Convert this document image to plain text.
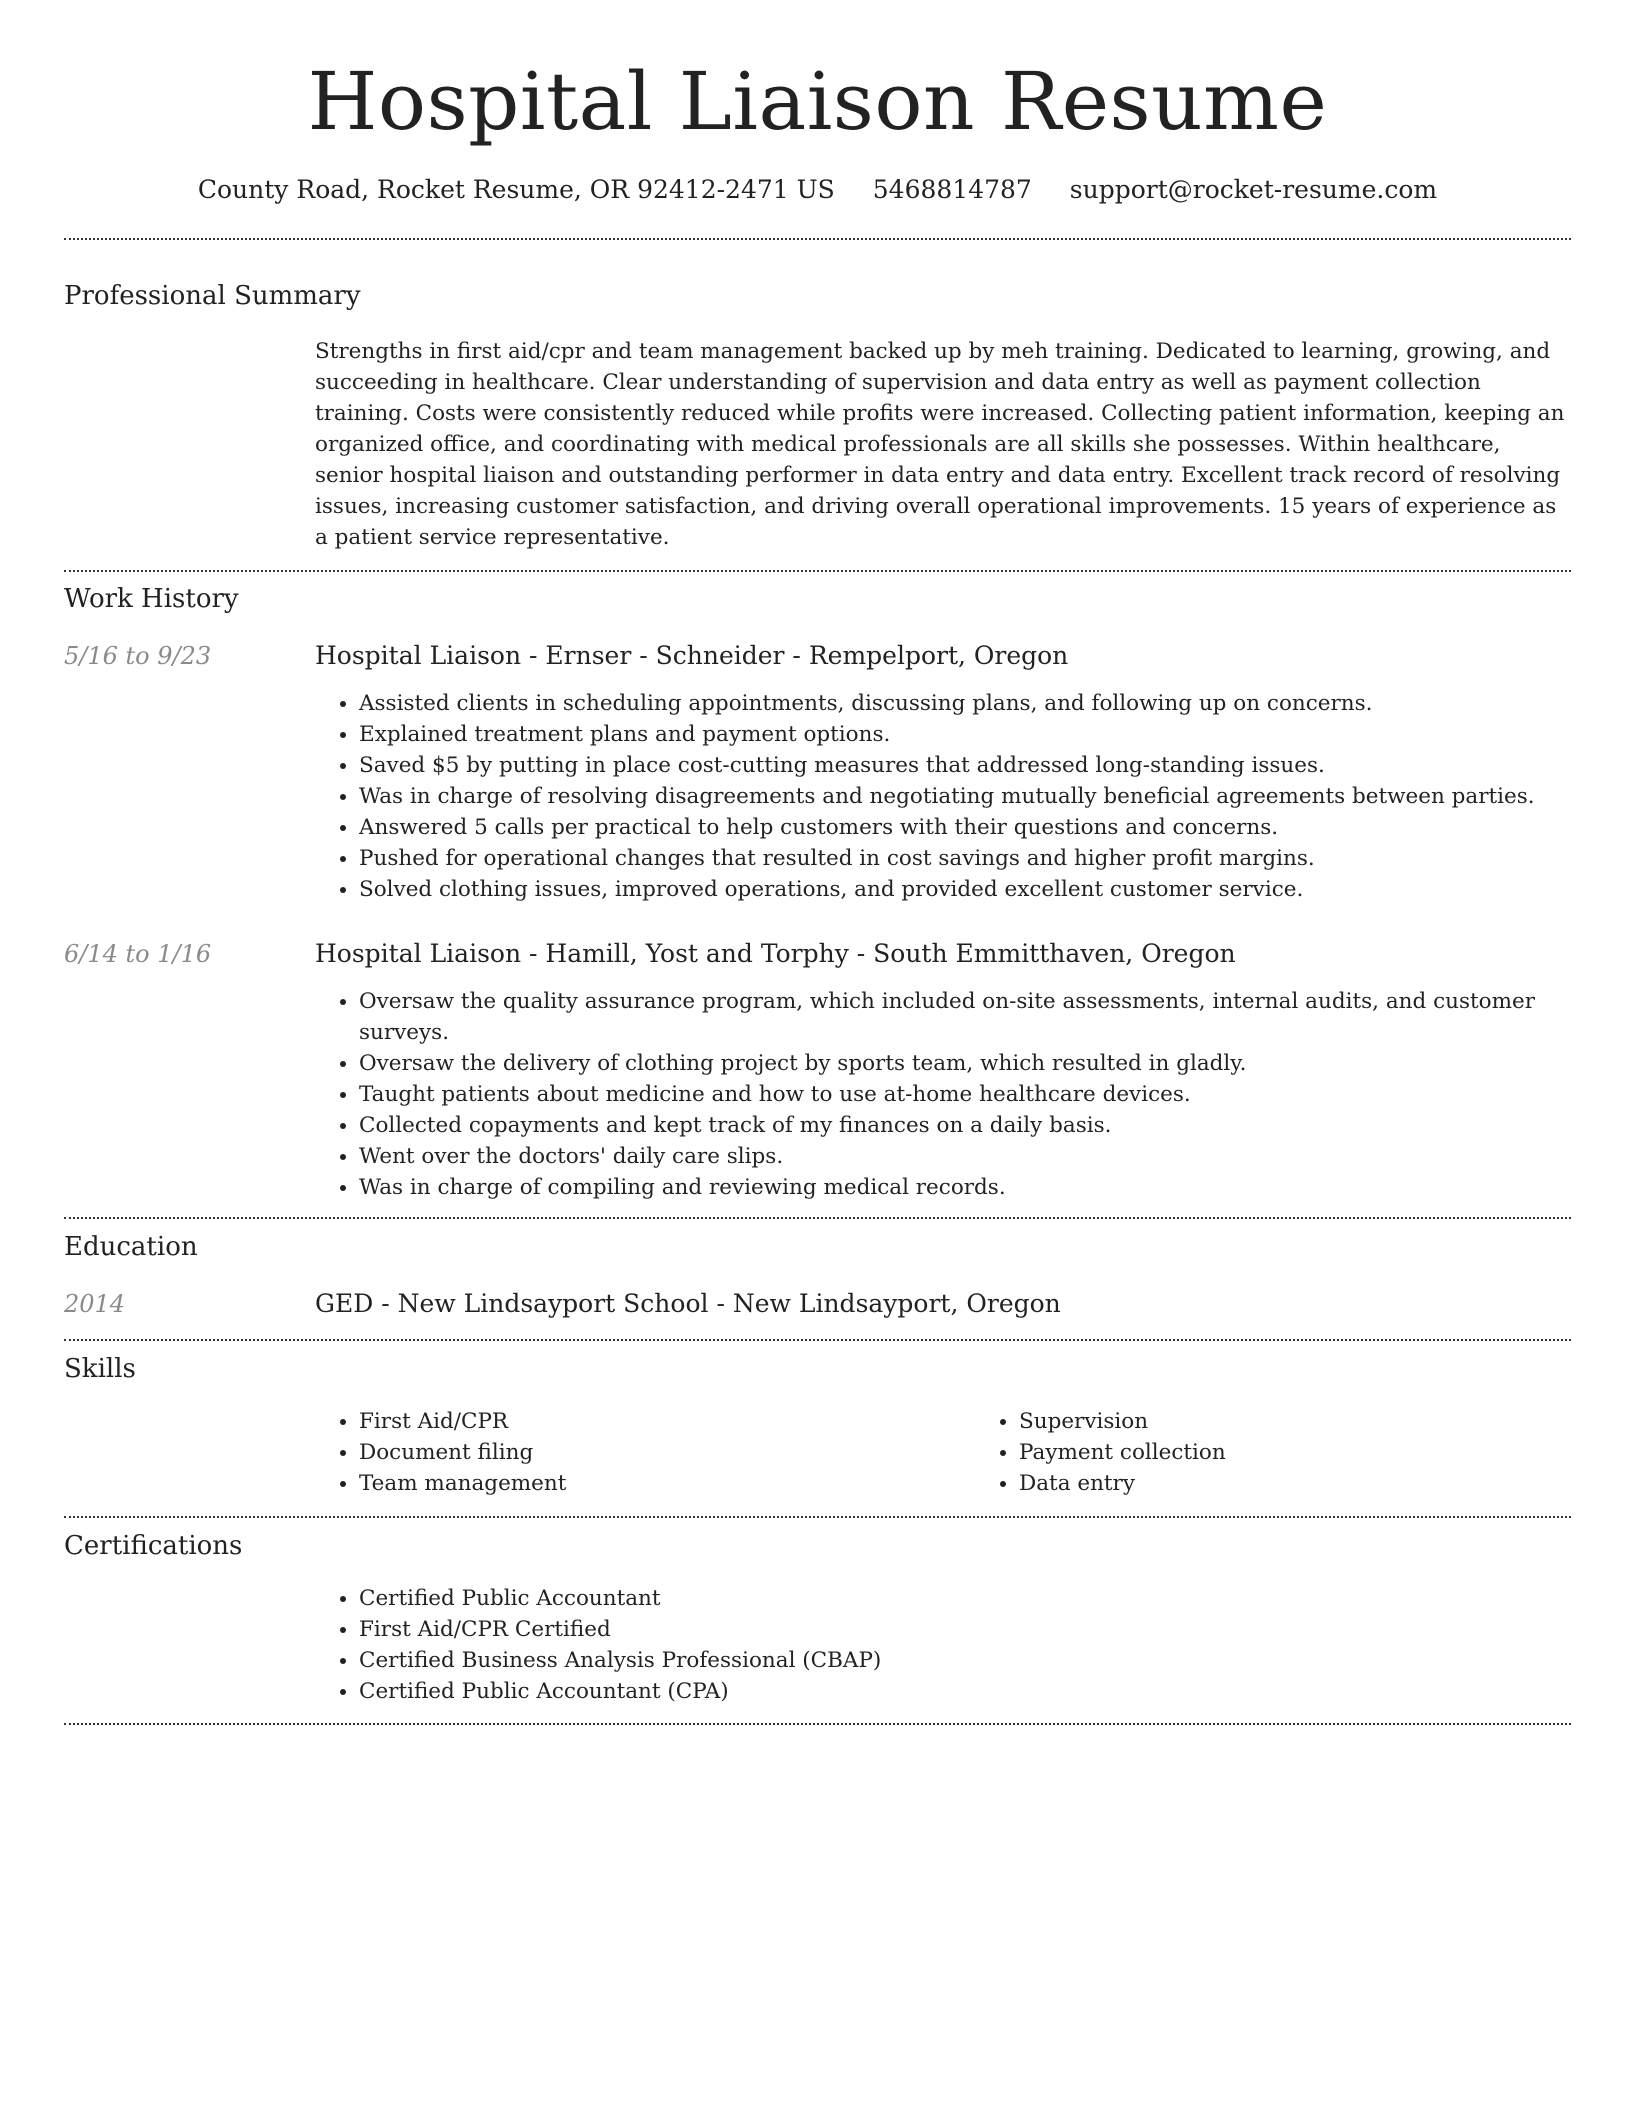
Hospital Liaison Resume
County Road, Rocket Resume, OR 92412-2471 US 5468814787 support@rocket-resume.com
Professional Summary

Strengths in first aid/cpr and team management backed up by meh training. Dedicated to learning, growing, and succeeding in healthcare. Clear understanding of supervision and data entry as well as payment collection training. Costs were consistently reduced while profits were increased. Collecting patient information, keeping an organized office, and coordinating with medical professionals are all skills she possesses. Within healthcare, senior hospital liaison and outstanding performer in data entry and data entry. Excellent track record of resolving issues, increasing customer satisfaction, and driving overall operational improvements. 15 years of experience as a patient service representative.

Work History
5/16 to 9/23	Hospital Liaison - Ernser - Schneider - Rempelport, Oregon
• Assisted clients in scheduling appointments, discussing plans, and following up on concerns.
• Explained treatment plans and payment options.
• Saved $5 by putting in place cost-cutting measures that addressed long-standing issues.
• Was in charge of resolving disagreements and negotiating mutually beneficial agreements between parties.
• Answered 5 calls per practical to help customers with their questions and concerns.
• Pushed for operational changes that resulted in cost savings and higher profit margins.
• Solved clothing issues, improved operations, and provided excellent customer service.
6/14 to 1/16	Hospital Liaison - Hamill, Yost and Torphy - South Emmitthaven, Oregon
• Oversaw the quality assurance program, which included on-site assessments, internal audits, and customer surveys.
• Oversaw the delivery of clothing project by sports team, which resulted in gladly.
• Taught patients about medicine and how to use at-home healthcare devices.
• Collected copayments and kept track of my finances on a daily basis.
• Went over the doctors' daily care slips.
• Was in charge of compiling and reviewing medical records.
Education
2014	GED - New Lindsayport School - New Lindsayport, Oregon
Skills
• First Aid/CPR
• Document filing
• Team management
• Supervision
• Payment collection
• Data entry
Certifications
• Certified Public Accountant
• First Aid/CPR Certified
• Certified Business Analysis Professional (CBAP)
• Certified Public Accountant (CPA)
